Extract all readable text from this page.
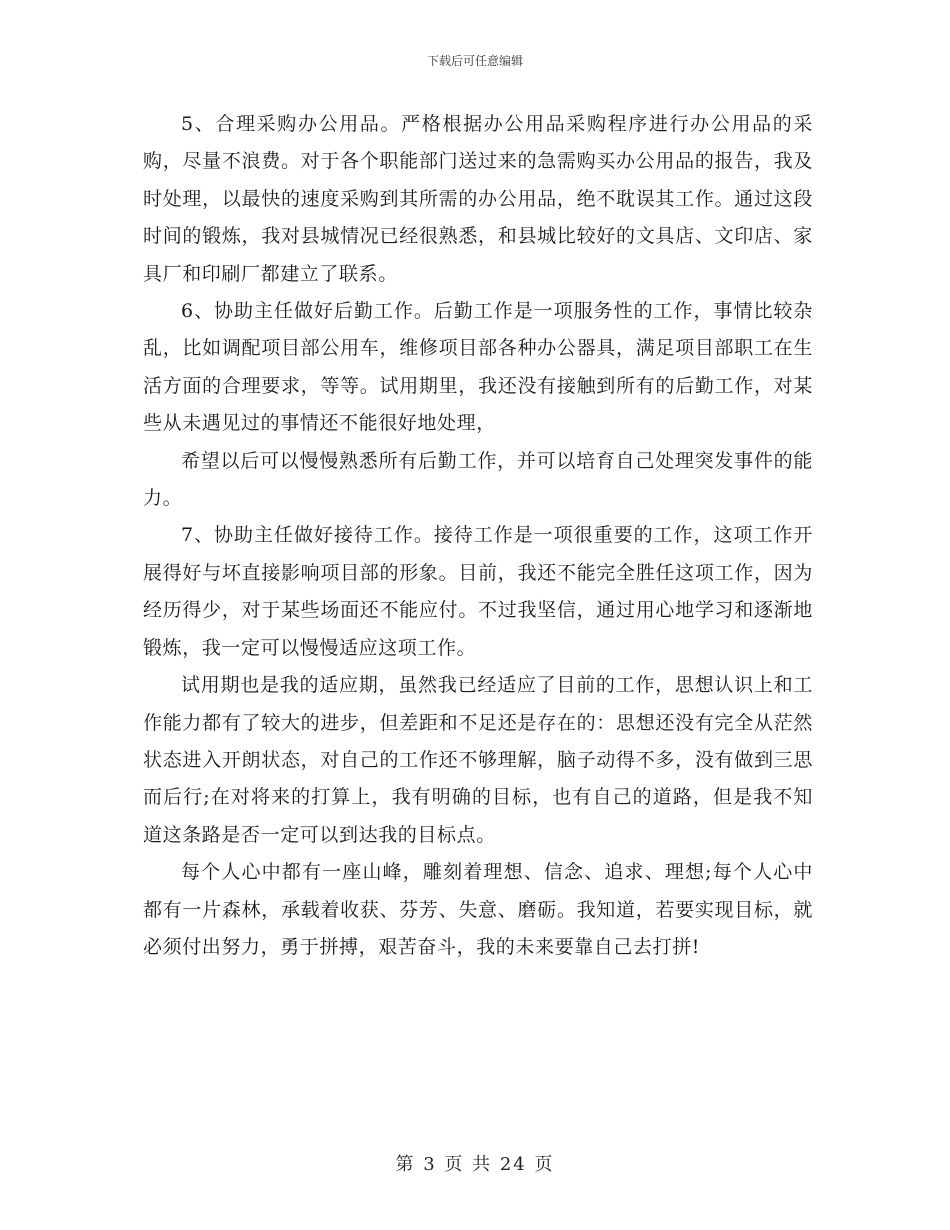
下载后可任意编辑

5、合理采购办公用品。严格根据办公用品采购程序进行办公用品的采购，尽量不浪费。对于各个职能部门送过来的急需购买办公用品的报告，我及时处理，以最快的速度采购到其所需的办公用品，绝不耽误其工作。通过这段时间的锻炼，我对县城情况已经很熟悉，和县城比较好的文具店、文印店、家具厂和印刷厂都建立了联系。

6、协助主任做好后勤工作。后勤工作是一项服务性的工作，事情比较杂乱，比如调配项目部公用车，维修项目部各种办公器具，满足项目部职工在生活方面的合理要求，等等。试用期里，我还没有接触到所有的后勤工作，对某些从未遇见过的事情还不能很好地处理，

希望以后可以慢慢熟悉所有后勤工作，并可以培育自己处理突发事件的能力。

7、协助主任做好接待工作。接待工作是一项很重要的工作，这项工作开展得好与坏直接影响项目部的形象。目前，我还不能完全胜任这项工作，因为经历得少，对于某些场面还不能应付。不过我坚信，通过用心地学习和逐渐地锻炼，我一定可以慢慢适应这项工作。

试用期也是我的适应期，虽然我已经适应了目前的工作，思想认识上和工作能力都有了较大的进步，但差距和不足还是存在的：思想还没有完全从茫然状态进入开朗状态，对自己的工作还不够理解，脑子动得不多，没有做到三思而后行;在对将来的打算上，我有明确的目标，也有自己的道路，但是我不知道这条路是否一定可以到达我的目标点。

每个人心中都有一座山峰，雕刻着理想、信念、追求、理想;每个人心中都有一片森林，承载着收获、芬芳、失意、磨砺。我知道，若要实现目标，就必须付出努力，勇于拼搏，艰苦奋斗，我的未来要靠自己去打拼!

第 3 页 共 24 页
